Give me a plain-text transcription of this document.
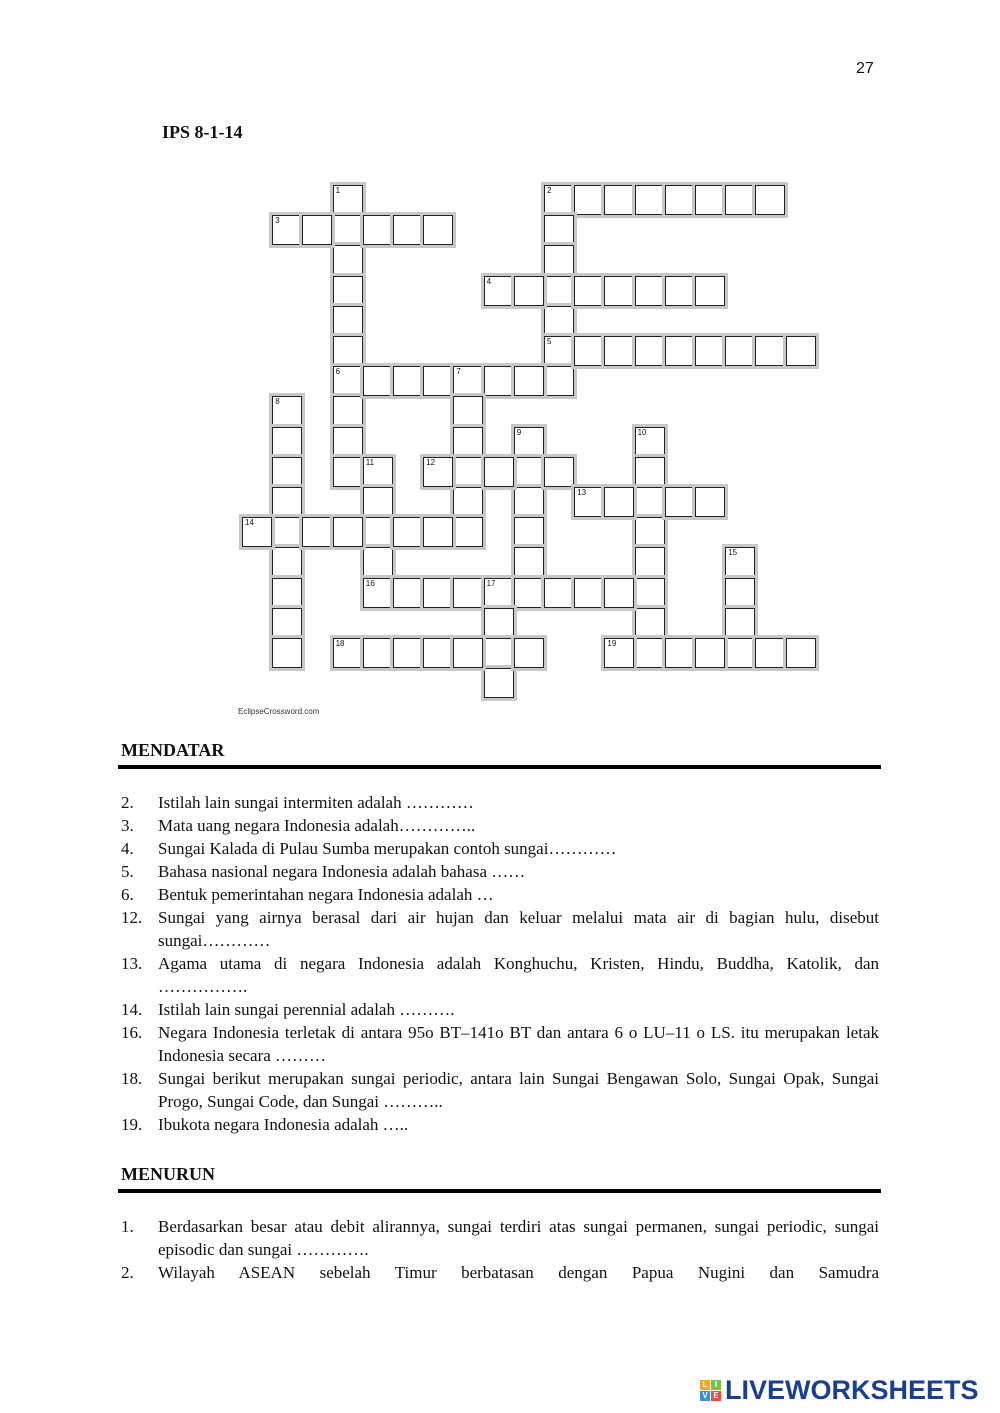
27
IPS 8-1-14
1
6
2
5
3
4
7
8
9	10
11
16
12
13
14
15
17
18	19
EclipseCrossword.com
MENDATAR
2.	Istilah lain sungai intermiten adalah …………
3.	Mata uang negara Indonesia adalah…………..
4.	Sungai Kalada di Pulau Sumba merupakan contoh sungai…………
5.	Bahasa nasional negara Indonesia adalah bahasa ……
6.	Bentuk pemerintahan negara Indonesia adalah …
12. Sungai yang airnya berasal dari air hujan dan keluar melalui mata air di bagian hulu, disebut sungai…………
13. Agama utama di negara Indonesia adalah Konghuchu, Kristen, Hindu, Buddha, Katolik, dan …………….
14. Istilah lain sungai perennial adalah ……….
16. Negara Indonesia terletak di antara 95o BT–141o BT dan antara 6 o LU–11 o LS. itu merupakan letak Indonesia secara ………
18. Sungai berikut merupakan sungai periodic, antara lain Sungai Bengawan Solo, Sungai Opak, Sungai Progo, Sungai Code, dan Sungai ………..
19. Ibukota negara Indonesia adalah …..
MENURUN
1.	Berdasarkan besar atau debit alirannya, sungai terdiri atas sungai permanen, sungai periodic, sungai episodic dan sungai ………….
2.	Wilayah ASEAN sebelah Timur berbatasan dengan Papua Nugini dan Samudra
L I
V E LIVEWORKSHEETS
